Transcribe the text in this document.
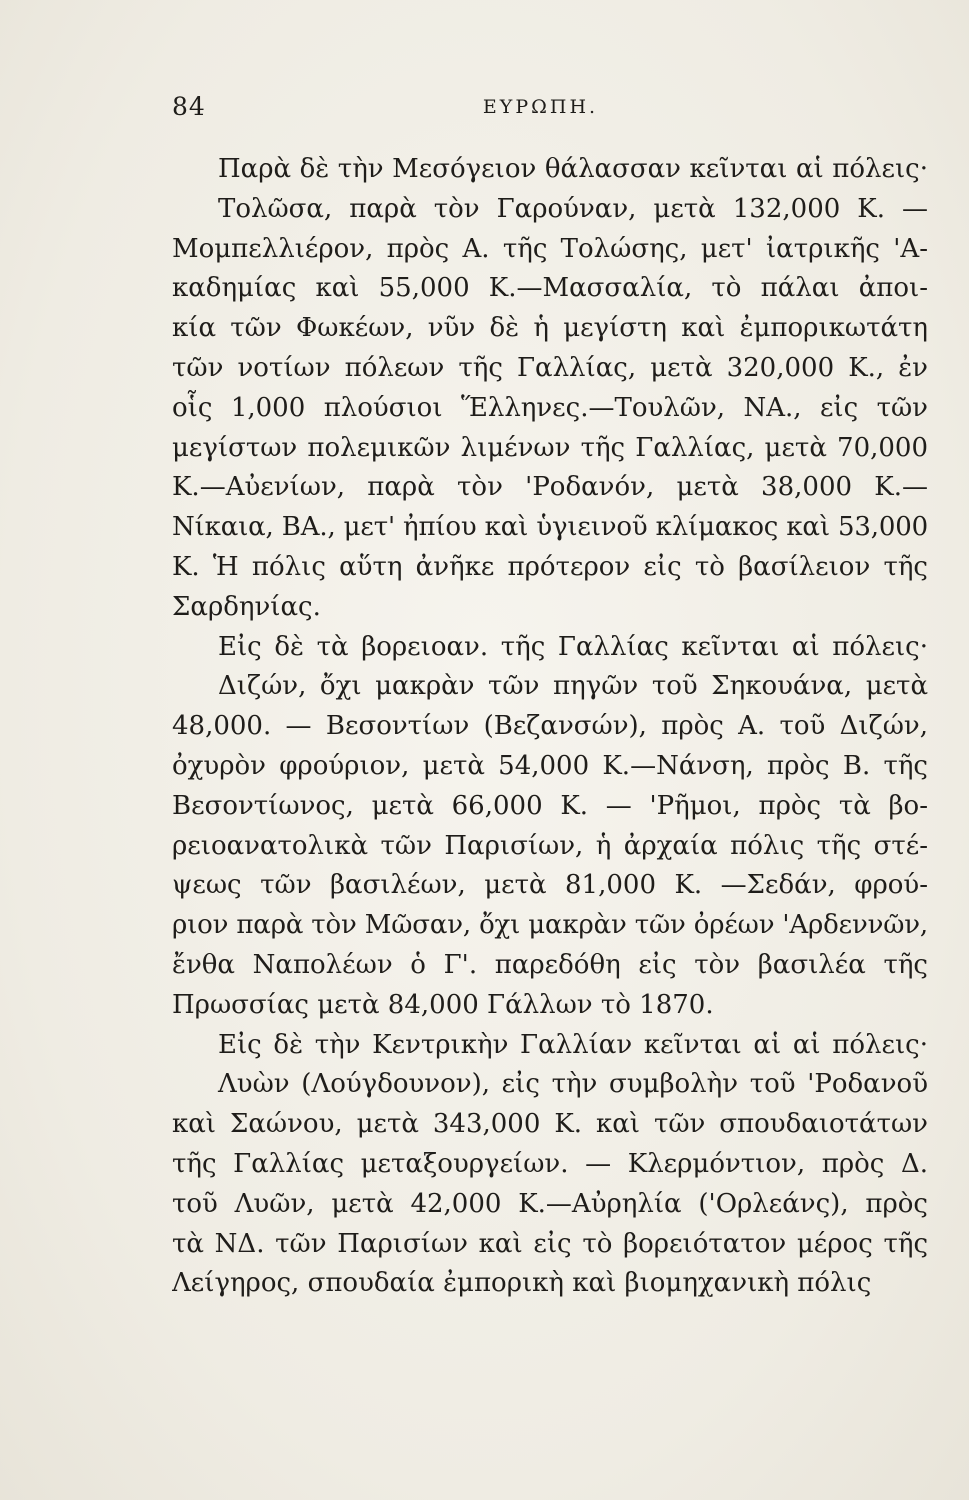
84	ΕΥΡΩΠΗ.
Παρὰ δὲ τὴν Μεσόγειον θάλασσαν κεῖνται αἱ πόλεις·
Τολῶσα, παρὰ τὸν Γαρούναν, μετὰ 132,000 Κ. —
Μομπελλιέρον, πρὸς Α. τῆς Τολώσης, μετ' ἰατρικῆς 'Α-
καδημίας καὶ 55,000 Κ.—Μασσαλία, τὸ πάλαι ἀποι-
κία τῶν Φωκέων, νῦν δὲ ἡ μεγίστη καὶ ἐμπορικωτάτη
τῶν νοτίων πόλεων τῆς Γαλλίας, μετὰ 320,000 Κ., ἐν
οἷς 1,000 πλούσιοι Ἕλληνες.—Τουλῶν, ΝΑ., εἰς τῶν
μεγίστων πολεμικῶν λιμένων τῆς Γαλλίας, μετὰ 70,000
Κ.—Αὐενίων, παρὰ τὸν 'Ροδανόν, μετὰ 38,000 Κ.—
Νίκαια, ΒΑ., μετ' ἠπίου καὶ ὑγιεινοῦ κλίμακος καὶ 53,000
Κ. Ἡ πόλις αὕτη ἀνῆκε πρότερον εἰς τὸ βασίλειον τῆς
Σαρδηνίας.
Εἰς δὲ τὰ βορειοαν. τῆς Γαλλίας κεῖνται αἱ πόλεις·
Διζών, ὄχι μακρὰν τῶν πηγῶν τοῦ Σηκουάνα, μετὰ
48,000. — Βεσοντίων (Βεζανσών), πρὸς Α. τοῦ Διζών,
ὀχυρὸν φρούριον, μετὰ 54,000 Κ.—Νάνση, πρὸς Β. τῆς
Βεσοντίωνος, μετὰ 66,000 Κ. — 'Ρῆμοι, πρὸς τὰ βο-
ρειοανατολικὰ τῶν Παρισίων, ἡ ἀρχαία πόλις τῆς στέ-
ψεως τῶν βασιλέων, μετὰ 81,000 Κ. —Σεδάν, φρού-
ριον παρὰ τὸν Μῶσαν, ὄχι μακρὰν τῶν ὀρέων 'Αρδεννῶν,
ἔνθα Ναπολέων ὁ Γ'. παρεδόθη εἰς τὸν βασιλέα τῆς
Πρωσσίας μετὰ 84,000 Γάλλων τὸ 1870.
Εἰς δὲ τὴν Κεντρικὴν Γαλλίαν κεῖνται αἱ αἱ πόλεις·
Λυὼν (Λούγδουνον), εἰς τὴν συμβολὴν τοῦ 'Ροδανοῦ
καὶ Σαώνου, μετὰ 343,000 Κ. καὶ τῶν σπουδαιοτάτων
τῆς Γαλλίας μεταξουργείων. — Κλερμόντιον, πρὸς Δ.
τοῦ Λυῶν, μετὰ 42,000 Κ.—Αὐρηλία ('Ορλεάνς), πρὸς
τὰ ΝΔ. τῶν Παρισίων καὶ εἰς τὸ βορειότατον μέρος τῆς
Λείγηρος, σπουδαία ἐμπορικὴ καὶ βιομηχανικὴ πόλις
